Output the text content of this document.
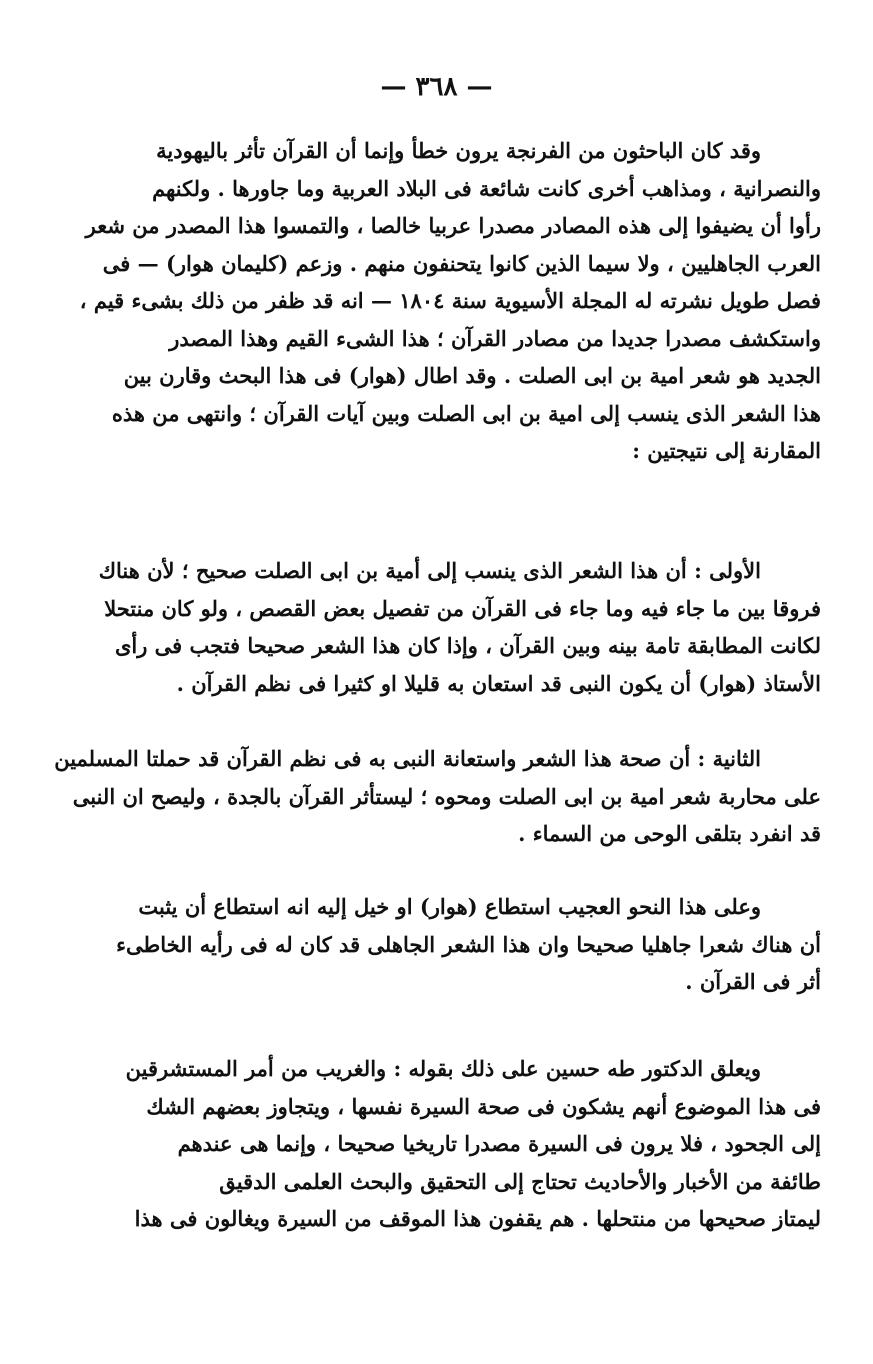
— ٣٦٨ —

وقد كان الباحثون من الفرنجة يرون خطأ وإنما أن القرآن تأثر باليهودية
والنصرانية ، ومذاهب أخرى كانت شائعة فى البلاد العربية وما جاورها . ولكنهم
رأوا أن يضيفوا إلى هذه المصادر مصدرا عربيا خالصا ، والتمسوا هذا المصدر من شعر
العرب الجاهليين ، ولا سيما الذين كانوا يتحنفون منهم . وزعم (كليمان هوار) — فى
فصل طويل نشرته له المجلة الأسيوية سنة ١٨٠٤ — انه قد ظفر من ذلك بشىء قيم ،
واستكشف مصدرا جديدا من مصادر القرآن ؛ هذا الشىء القيم وهذا المصدر
الجديد هو شعر امية بن ابى الصلت . وقد اطال (هوار) فى هذا البحث وقارن بين
هذا الشعر الذى ينسب إلى امية بن ابى الصلت وبين آيات القرآن ؛ وانتهى من هذه
المقارنة إلى نتيجتين :

الأولى : أن هذا الشعر الذى ينسب إلى أمية بن ابى الصلت صحيح ؛ لأن هناك
فروقا بين ما جاء فيه وما جاء فى القرآن من تفصيل بعض القصص ، ولو كان منتحلا
لكانت المطابقة تامة بينه وبين القرآن ، وإذا كان هذا الشعر صحيحا فتجب فى رأى
الأستاذ (هوار) أن يكون النبى قد استعان به قليلا او كثيرا فى نظم القرآن .

الثانية : أن صحة هذا الشعر واستعانة النبى به فى نظم القرآن قد حملتا المسلمين
على محاربة شعر امية بن ابى الصلت ومحوه ؛ ليستأثر القرآن بالجدة ، وليصح ان النبى
قد انفرد بتلقى الوحى من السماء .

وعلى هذا النحو العجيب استطاع (هوار) او خيل إليه انه استطاع أن يثبت
أن هناك شعرا جاهليا صحيحا وان هذا الشعر الجاهلى قد كان له فى رأيه الخاطىء
أثر فى القرآن .

ويعلق الدكتور طه حسين على ذلك بقوله : والغريب من أمر المستشرقين
فى هذا الموضوع أنهم يشكون فى صحة السيرة نفسها ، ويتجاوز بعضهم الشك
إلى الجحود ، فلا يرون فى السيرة مصدرا تاريخيا صحيحا ، وإنما هى عندهم
طائفة من الأخبار والأحاديث تحتاج إلى التحقيق والبحث العلمى الدقيق
ليمتاز صحيحها من منتحلها . هم يقفون هذا الموقف من السيرة ويغالون فى هذا
